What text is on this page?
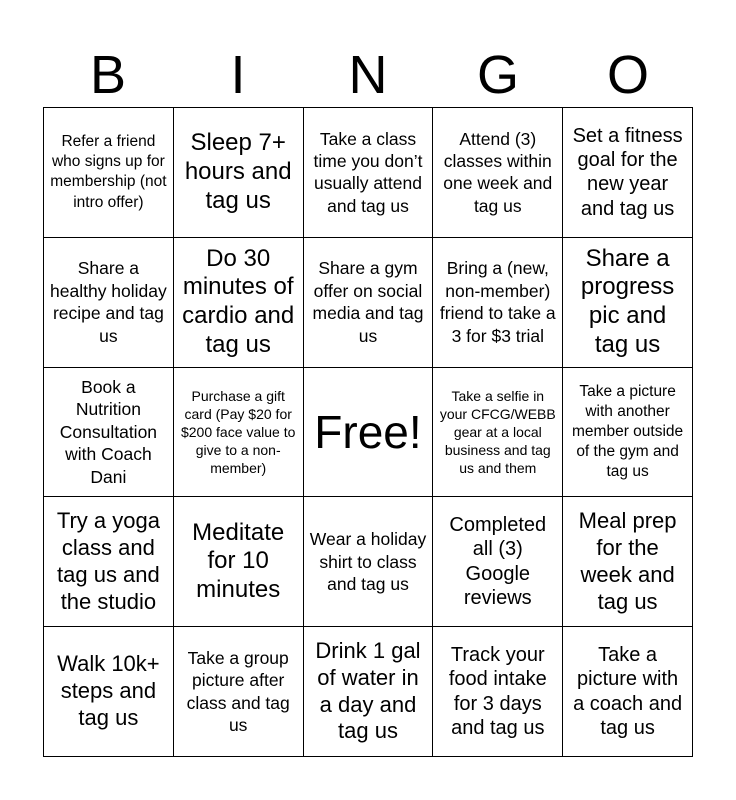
B	I	N	G	O
Refer a friend who signs up for membership (not intro offer)
Sleep 7+ hours and tag us
Take a class time you don’t usually attend and tag us
Attend (3) classes within one week and tag us
Set a fitness goal for the new year and tag us
Share a healthy holiday recipe and tag us
Do 30 minutes of cardio and tag us
Share a gym offer on social media and tag us
Bring a (new, non-member) friend to take a 3 for $3 trial
Share a progress pic and tag us
Book a Nutrition Consultation with Coach Dani
Purchase a gift card (Pay $20 for $200 face value to give to a non-member)
Free!
Take a selfie in your CFCG/WEBB gear at a local business and tag us and them
Take a picture with another member outside of the gym and tag us
Try a yoga class and tag us and the studio
Meditate for 10 minutes
Wear a holiday shirt to class and tag us
Completed all (3) Google reviews
Meal prep for the week and tag us
Walk 10k+ steps and tag us
Take a group picture after class and tag us
Drink 1 gal of water in a day and tag us
Track your food intake for 3 days and tag us
Take a picture with a coach and tag us
